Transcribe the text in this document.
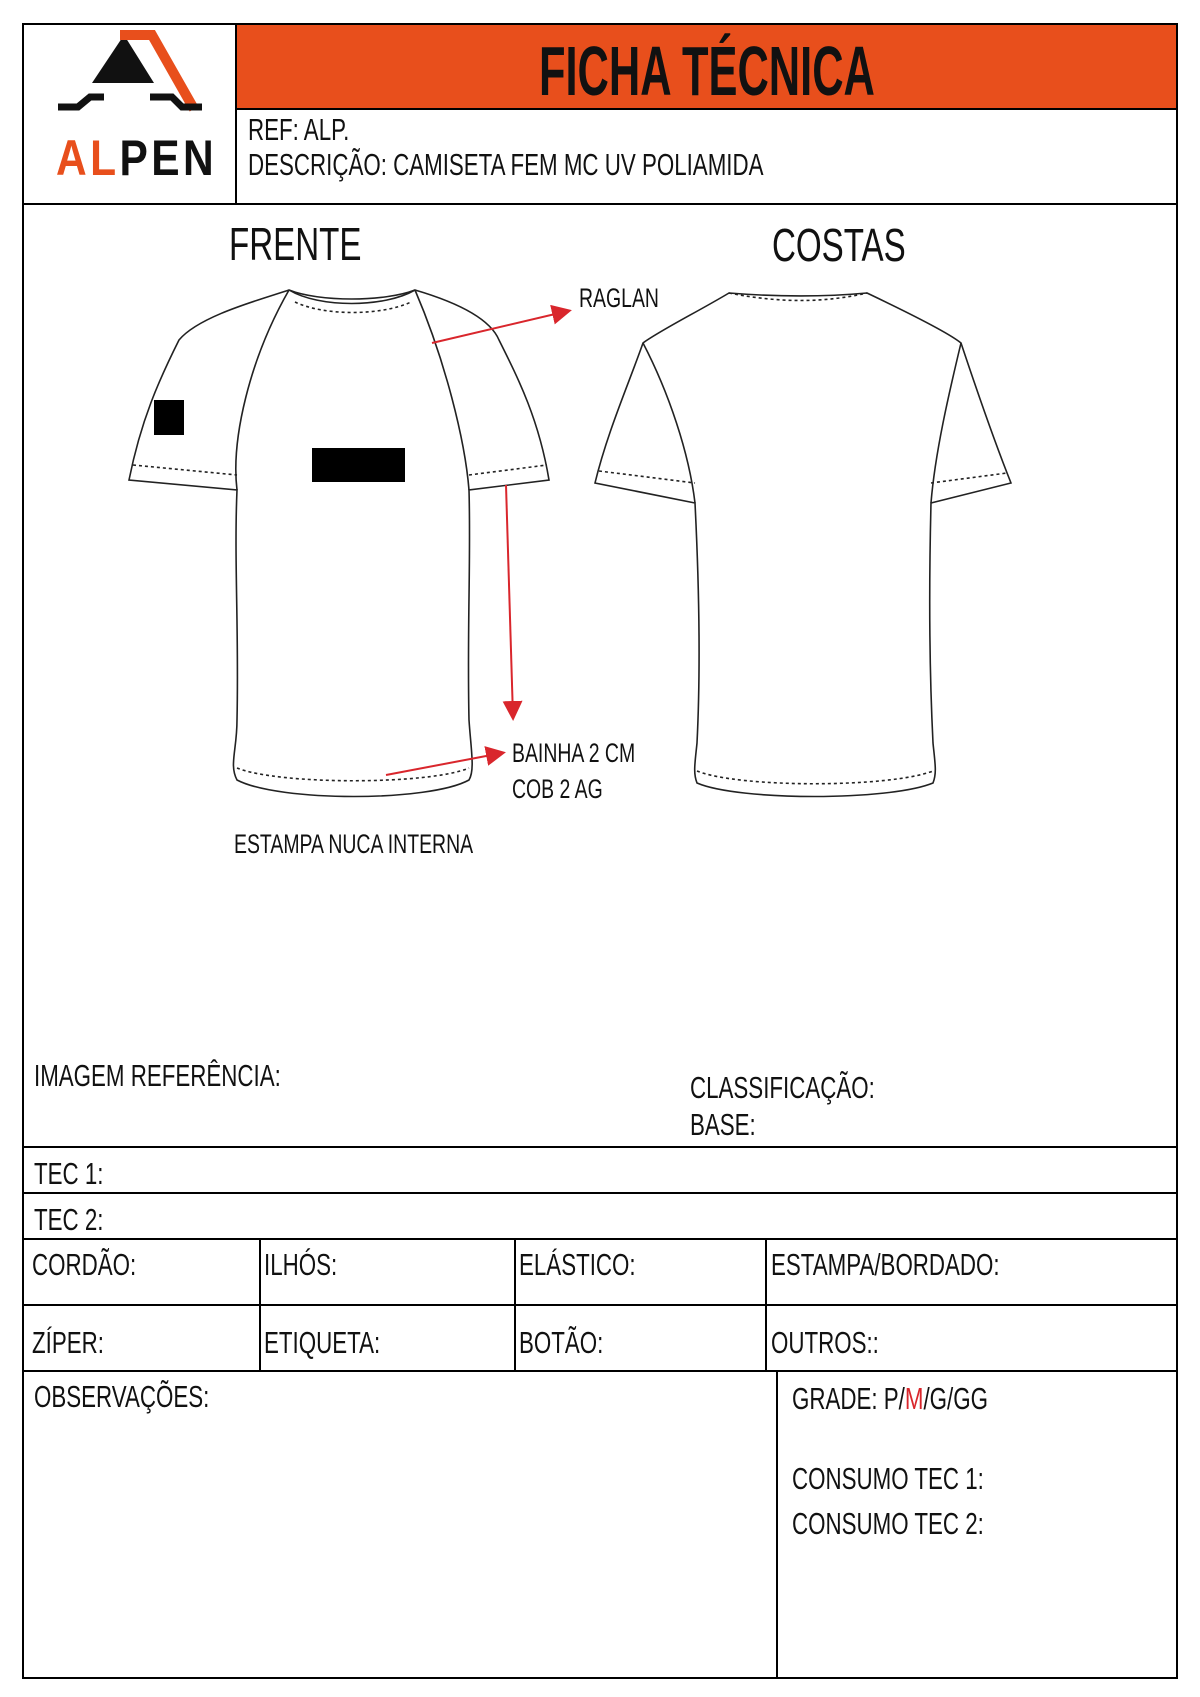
ALPEN
FICHA TÉCNICA
REF: ALP.
DESCRIÇÃO: CAMISETA FEM MC UV POLIAMIDA
FRENTE	COSTAS
RAGLAN
BAINHA 2 CM
COB 2 AG
ESTAMPA NUCA INTERNA
IMAGEM REFERÊNCIA:	CLASSIFICAÇÃO:
BASE:
TEC 1:
TEC 2:
CORDÃO:	ILHÓS:	ELÁSTICO:	ESTAMPA/BORDADO:
ZÍPER:	ETIQUETA:	BOTÃO:	OUTROS::
OBSERVAÇÕES:	GRADE: P/M/G/GG
CONSUMO TEC 1:
CONSUMO TEC 2:
